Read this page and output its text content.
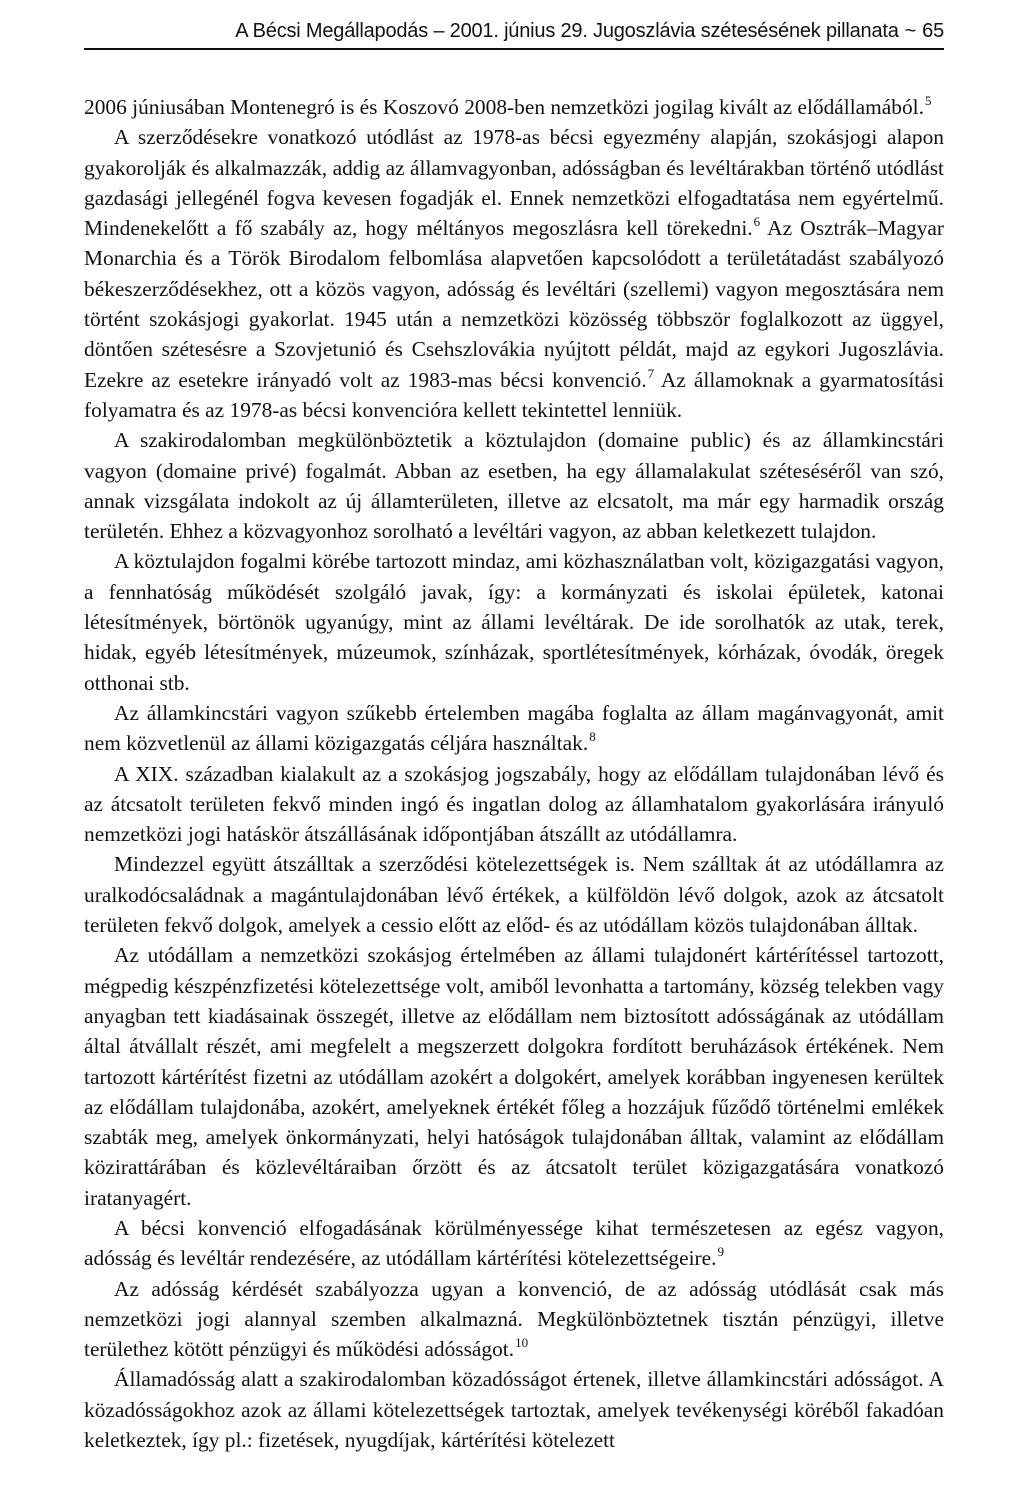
A Bécsi Megállapodás – 2001. június 29. Jugoszlávia szétesésének pillanata ~ 65

2006 júniusában Montenegró is és Koszovó 2008-ben nemzetközi jogilag kivált az elődállamából.$^5$

A szerződésekre vonatkozó utódlást az 1978-as bécsi egyezmény alapján, szokásjogi alapon gyakorolják és alkalmazzák, addig az államvagyonban, adósságban és levéltárakban történő utódlást gazdasági jellegénél fogva kevesen fogadják el. Ennek nemzetközi elfogadtatása nem egyértelmű. Mindenekelőtt a fő szabály az, hogy méltányos megoszlásra kell törekedni.$^6$ Az Osztrák–Magyar Monarchia és a Török Birodalom felbomlása alapvetően kapcsolódott a területátadást szabályozó békeszerződésekhez, ott a közös vagyon, adósság és levéltári (szellemi) vagyon megosztására nem történt szokásjogi gyakorlat. 1945 után a nemzetközi közösség többször foglalkozott az üggyel, döntően szétesésre a Szovjetunió és Csehszlovákia nyújtott példát, majd az egykori Jugoszlávia. Ezekre az esetekre irányadó volt az 1983-mas bécsi konvenció.$^7$ Az államoknak a gyarmatosítási folyamatra és az 1978-as bécsi konvencióra kellett tekintettel lenniük.

A szakirodalomban megkülönböztetik a köztulajdon (domaine public) és az államkincstári vagyon (domaine privé) fogalmát. Abban az esetben, ha egy államalakulat széteséséről van szó, annak vizsgálata indokolt az új államterületen, illetve az elcsatolt, ma már egy harmadik ország területén. Ehhez a közvagyonhoz sorolható a levéltári vagyon, az abban keletkezett tulajdon.

A köztulajdon fogalmi körébe tartozott mindaz, ami közhasználatban volt, közigazgatási vagyon, a fennhatóság működését szolgáló javak, így: a kormányzati és iskolai épületek, katonai létesítmények, börtönök ugyanúgy, mint az állami levéltárak. De ide sorolhatók az utak, terek, hidak, egyéb létesítmények, múzeumok, színházak, sportlétesítmények, kórházak, óvodák, öregek otthonai stb.

Az államkincstári vagyon szűkebb értelemben magába foglalta az állam magánvagyonát, amit nem közvetlenül az állami közigazgatás céljára használtak.$^8$

A XIX. században kialakult az a szokásjog jogszabály, hogy az elődállam tulajdonában lévő és az átcsatolt területen fekvő minden ingó és ingatlan dolog az államhatalom gyakorlására irányuló nemzetközi jogi hatáskör átszállásának időpontjában átszállt az utódállamra.

Mindezzel együtt átszálltak a szerződési kötelezettségek is. Nem szálltak át az utódállamra az uralkodócsaládnak a magántulajdonában lévő értékek, a külföldön lévő dolgok, azok az átcsatolt területen fekvő dolgok, amelyek a cessio előtt az előd- és az utódállam közös tulajdonában álltak.

Az utódállam a nemzetközi szokásjog értelmében az állami tulajdonért kártérítéssel tartozott, mégpedig készpénzfizetési kötelezettsége volt, amiből levonhatta a tartomány, község telekben vagy anyagban tett kiadásainak összegét, illetve az elődállam nem biztosított adósságának az utódállam által átvállalt részét, ami megfelelt a megszerzett dolgokra fordított beruházások értékének. Nem tartozott kártérítést fizetni az utódállam azokért a dolgokért, amelyek korábban ingyenesen kerültek az elődállam tulajdonába, azokért, amelyeknek értékét főleg a hozzájuk fűződő történelmi emlékek szabták meg, amelyek önkormányzati, helyi hatóságok tulajdonában álltak, valamint az elődállam közirattárában és közlevéltáraiban őrzött és az átcsatolt terület közigazgatására vonatkozó iratanyagért.

A bécsi konvenció elfogadásának körülményessége kihat természetesen az egész vagyon, adósság és levéltár rendezésére, az utódállam kártérítési kötelezettségeire.$^9$

Az adósság kérdését szabályozza ugyan a konvenció, de az adósság utódlását csak más nemzetközi jogi alannyal szemben alkalmazná. Megkülönböztetnek tisztán pénzügyi, illetve területhez kötött pénzügyi és működési adósságot.$^{10}$

Államadósság alatt a szakirodalomban közadósságot értenek, illetve államkincstári adósságot. A közadósságokhoz azok az állami kötelezettségek tartoztak, amelyek tevékenységi köréből fakadóan keletkeztek, így pl.: fizetések, nyugdíjak, kártérítési kötelezett
